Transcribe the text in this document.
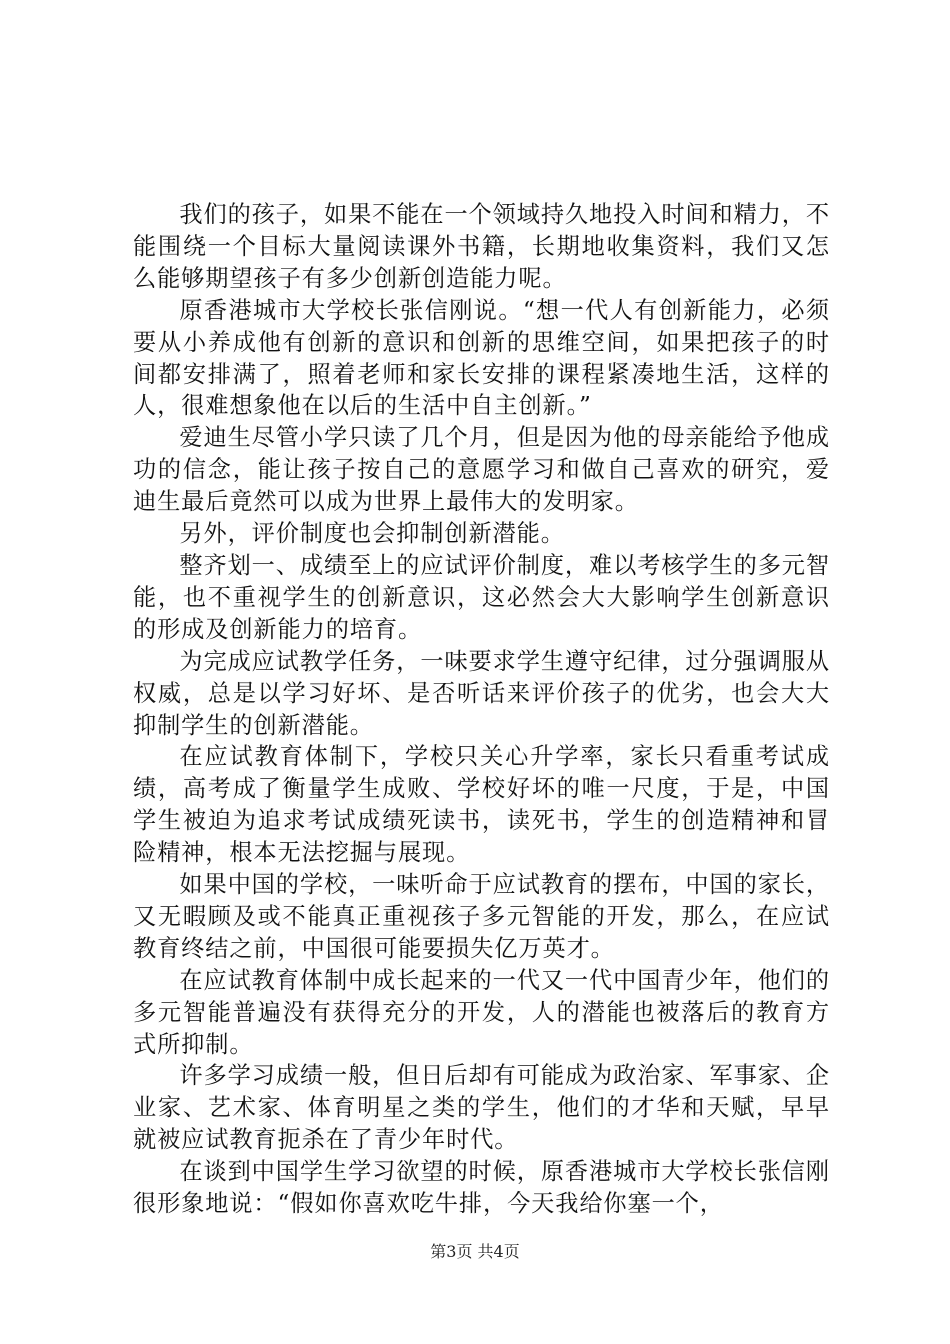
我们的孩子，如果不能在一个领域持久地投入时间和精力，不能围绕一个目标大量阅读课外书籍，长期地收集资料，我们又怎么能够期望孩子有多少创新创造能力呢。

原香港城市大学校长张信刚说。“想一代人有创新能力，必须要从小养成他有创新的意识和创新的思维空间，如果把孩子的时间都安排满了，照着老师和家长安排的课程紧凑地生活，这样的人，很难想象他在以后的生活中自主创新。”

爱迪生尽管小学只读了几个月，但是因为他的母亲能给予他成功的信念，能让孩子按自己的意愿学习和做自己喜欢的研究，爱迪生最后竟然可以成为世界上最伟大的发明家。

另外，评价制度也会抑制创新潜能。

整齐划一、成绩至上的应试评价制度，难以考核学生的多元智能，也不重视学生的创新意识，这必然会大大影响学生创新意识的形成及创新能力的培育。

为完成应试教学任务，一味要求学生遵守纪律，过分强调服从权威，总是以学习好坏、是否听话来评价孩子的优劣，也会大大抑制学生的创新潜能。

在应试教育体制下，学校只关心升学率，家长只看重考试成绩，高考成了衡量学生成败、学校好坏的唯一尺度，于是，中国学生被迫为追求考试成绩死读书，读死书，学生的创造精神和冒险精神，根本无法挖掘与展现。

如果中国的学校，一味听命于应试教育的摆布，中国的家长，又无暇顾及或不能真正重视孩子多元智能的开发，那么，在应试教育终结之前，中国很可能要损失亿万英才。

在应试教育体制中成长起来的一代又一代中国青少年，他们的多元智能普遍没有获得充分的开发，人的潜能也被落后的教育方式所抑制。

许多学习成绩一般，但日后却有可能成为政治家、军事家、企业家、艺术家、体育明星之类的学生，他们的才华和天赋，早早就被应试教育扼杀在了青少年时代。

在谈到中国学生学习欲望的时候，原香港城市大学校长张信刚很形象地说：“假如你喜欢吃牛排，今天我给你塞一个，

第3页 共4页
